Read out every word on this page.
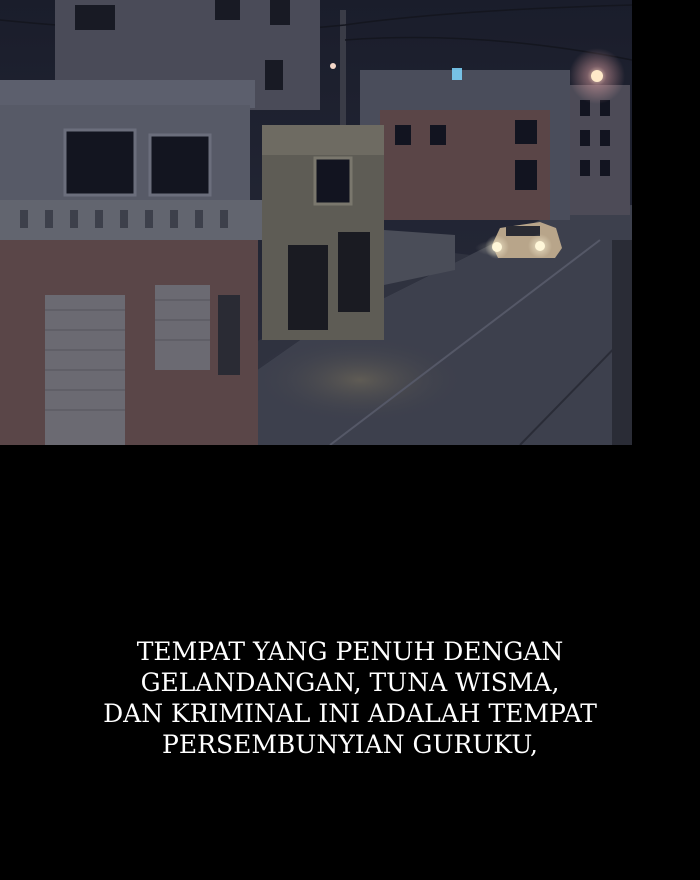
TEMPAT YANG PENUH DENGAN
GELANDANGAN, TUNA WISMA,
DAN KRIMINAL INI ADALAH TEMPAT
PERSEMBUNYIAN GURUKU,
